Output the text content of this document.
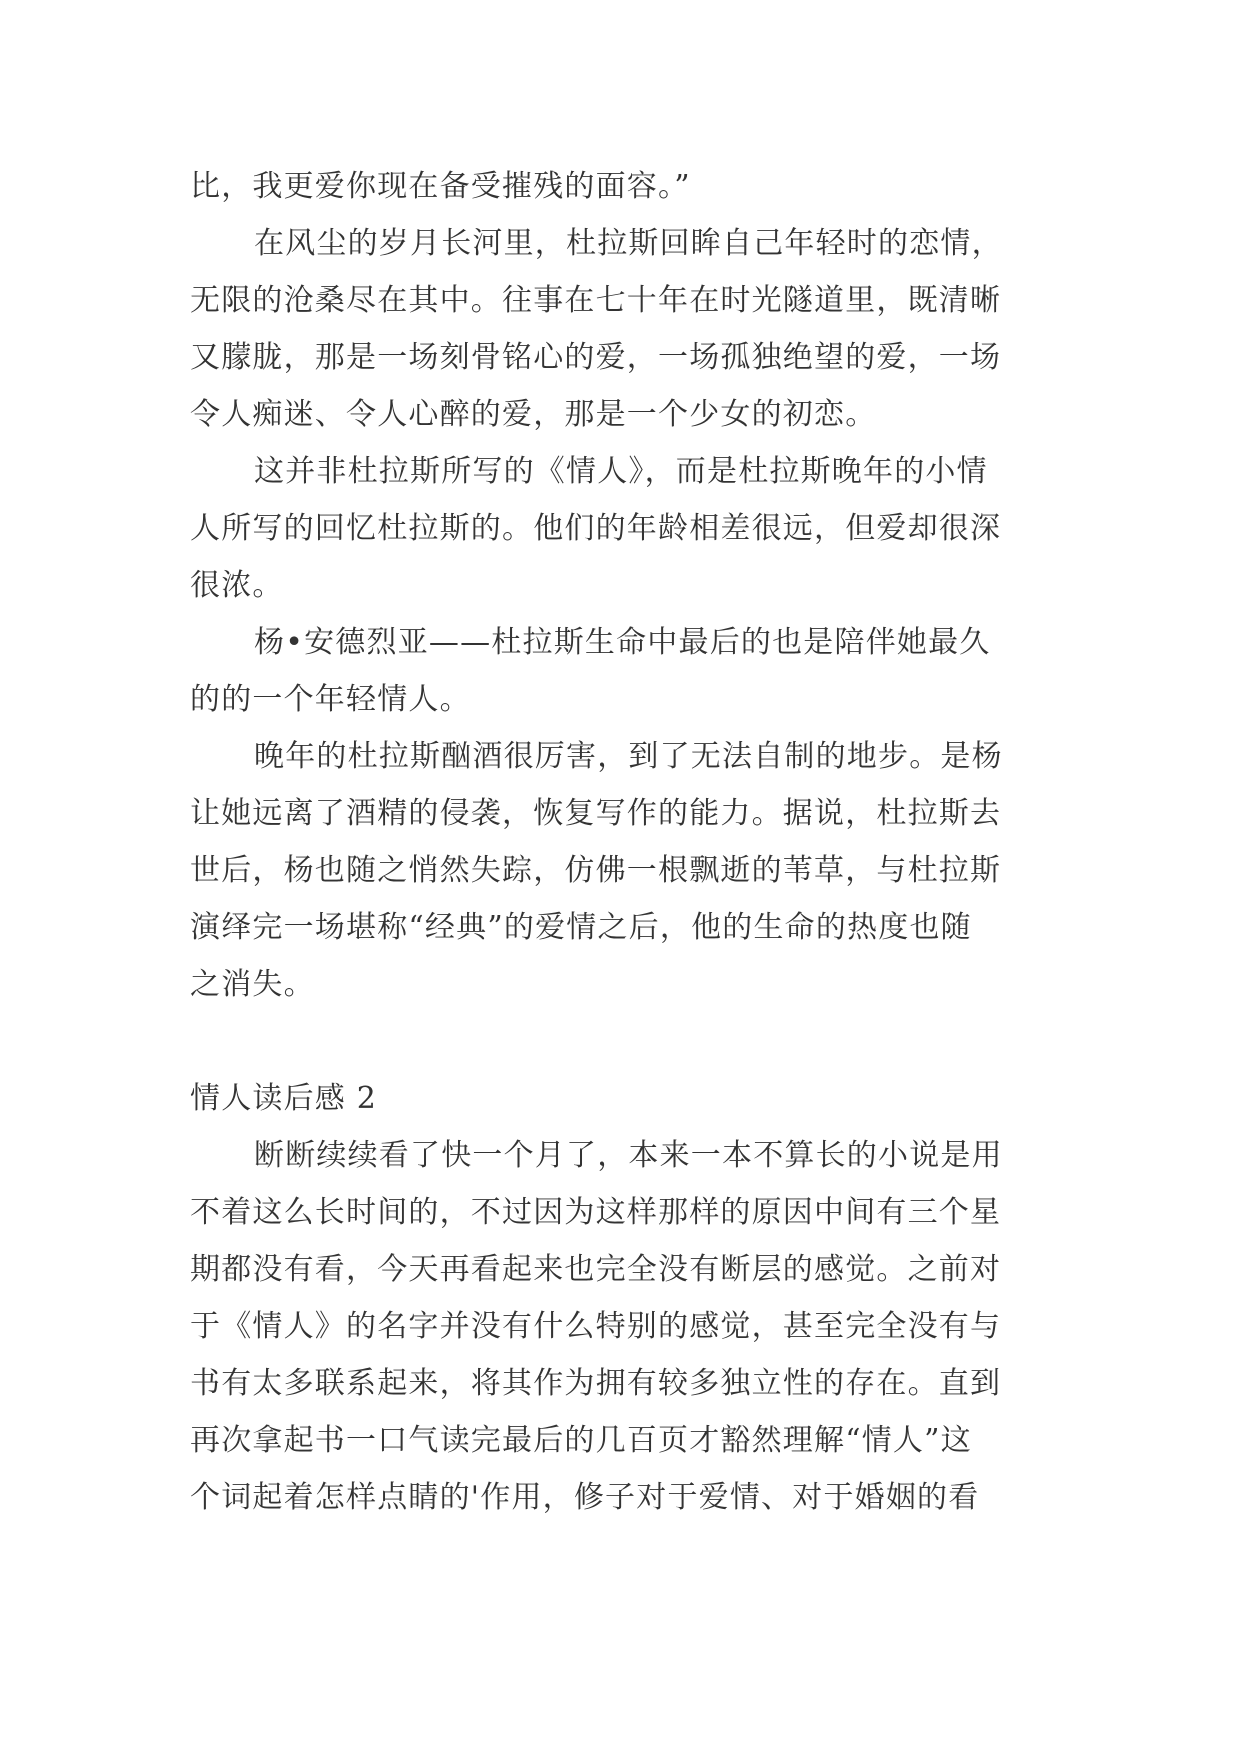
比，我更爱你现在备受摧残的面容。”
在风尘的岁月长河里，杜拉斯回眸自己年轻时的恋情，
无限的沧桑尽在其中。往事在七十年在时光隧道里，既清晰
又朦胧，那是一场刻骨铭心的爱，一场孤独绝望的爱，一场
令人痴迷、令人心醉的爱，那是一个少女的初恋。
这并非杜拉斯所写的《情人》，而是杜拉斯晚年的小情
人所写的回忆杜拉斯的。他们的年龄相差很远，但爱却很深
很浓。
杨•安德烈亚——杜拉斯生命中最后的也是陪伴她最久
的的一个年轻情人。
晚年的杜拉斯酗酒很厉害，到了无法自制的地步。是杨
让她远离了酒精的侵袭，恢复写作的能力。据说，杜拉斯去
世后，杨也随之悄然失踪，仿佛一根飘逝的苇草，与杜拉斯
演绎完一场堪称“经典”的爱情之后，他的生命的热度也随
之消失。
情人读后感 2
断断续续看了快一个月了，本来一本不算长的小说是用
不着这么长时间的，不过因为这样那样的原因中间有三个星
期都没有看，今天再看起来也完全没有断层的感觉。之前对
于《情人》的名字并没有什么特别的感觉，甚至完全没有与
书有太多联系起来，将其作为拥有较多独立性的存在。直到
再次拿起书一口气读完最后的几百页才豁然理解“情人”这
个词起着怎样点睛的'作用，修子对于爱情、对于婚姻的看
